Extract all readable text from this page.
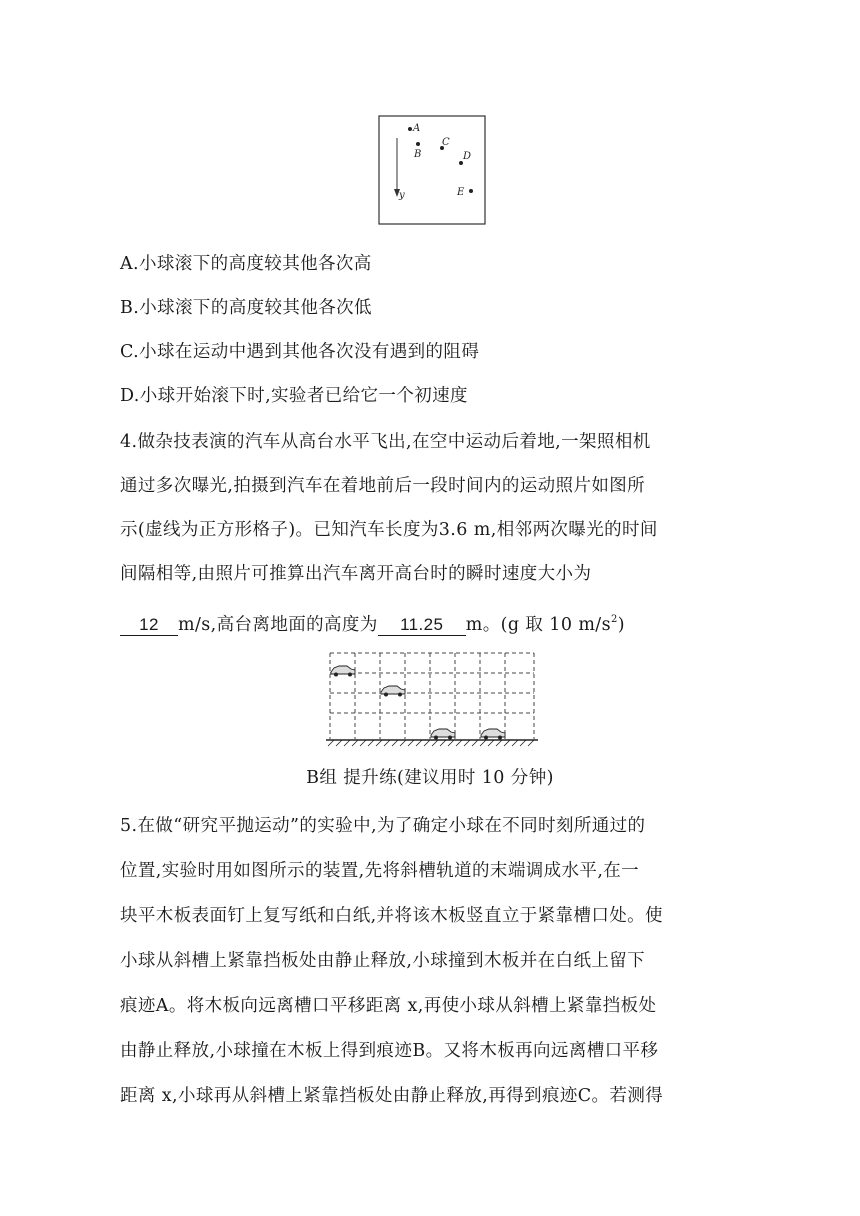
A
B
C
D
E
y
A.小球滚下的高度较其他各次高
B.小球滚下的高度较其他各次低
C.小球在运动中遇到其他各次没有遇到的阻碍
D.小球开始滚下时,实验者已给它一个初速度
4.做杂技表演的汽车从高台水平飞出,在空中运动后着地,一架照相机
通过多次曝光,拍摄到汽车在着地前后一段时间内的运动照片如图所
示(虚线为正方形格子)。已知汽车长度为3.6 m,相邻两次曝光的时间
间隔相等,由照片可推算出汽车离开高台时的瞬时速度大小为
12 m/s,高台离地面的高度为 11.25 m。(g 取 10 $m/s^2$)
B组 提升练(建议用时 10 分钟)
5.在做“研究平抛运动”的实验中,为了确定小球在不同时刻所通过的
位置,实验时用如图所示的装置,先将斜槽轨道的末端调成水平,在一
块平木板表面钉上复写纸和白纸,并将该木板竖直立于紧靠槽口处。使
小球从斜槽上紧靠挡板处由静止释放,小球撞到木板并在白纸上留下
痕迹A。将木板向远离槽口平移距离 x,再使小球从斜槽上紧靠挡板处
由静止释放,小球撞在木板上得到痕迹B。又将木板再向远离槽口平移
距离 x,小球再从斜槽上紧靠挡板处由静止释放,再得到痕迹C。若测得
